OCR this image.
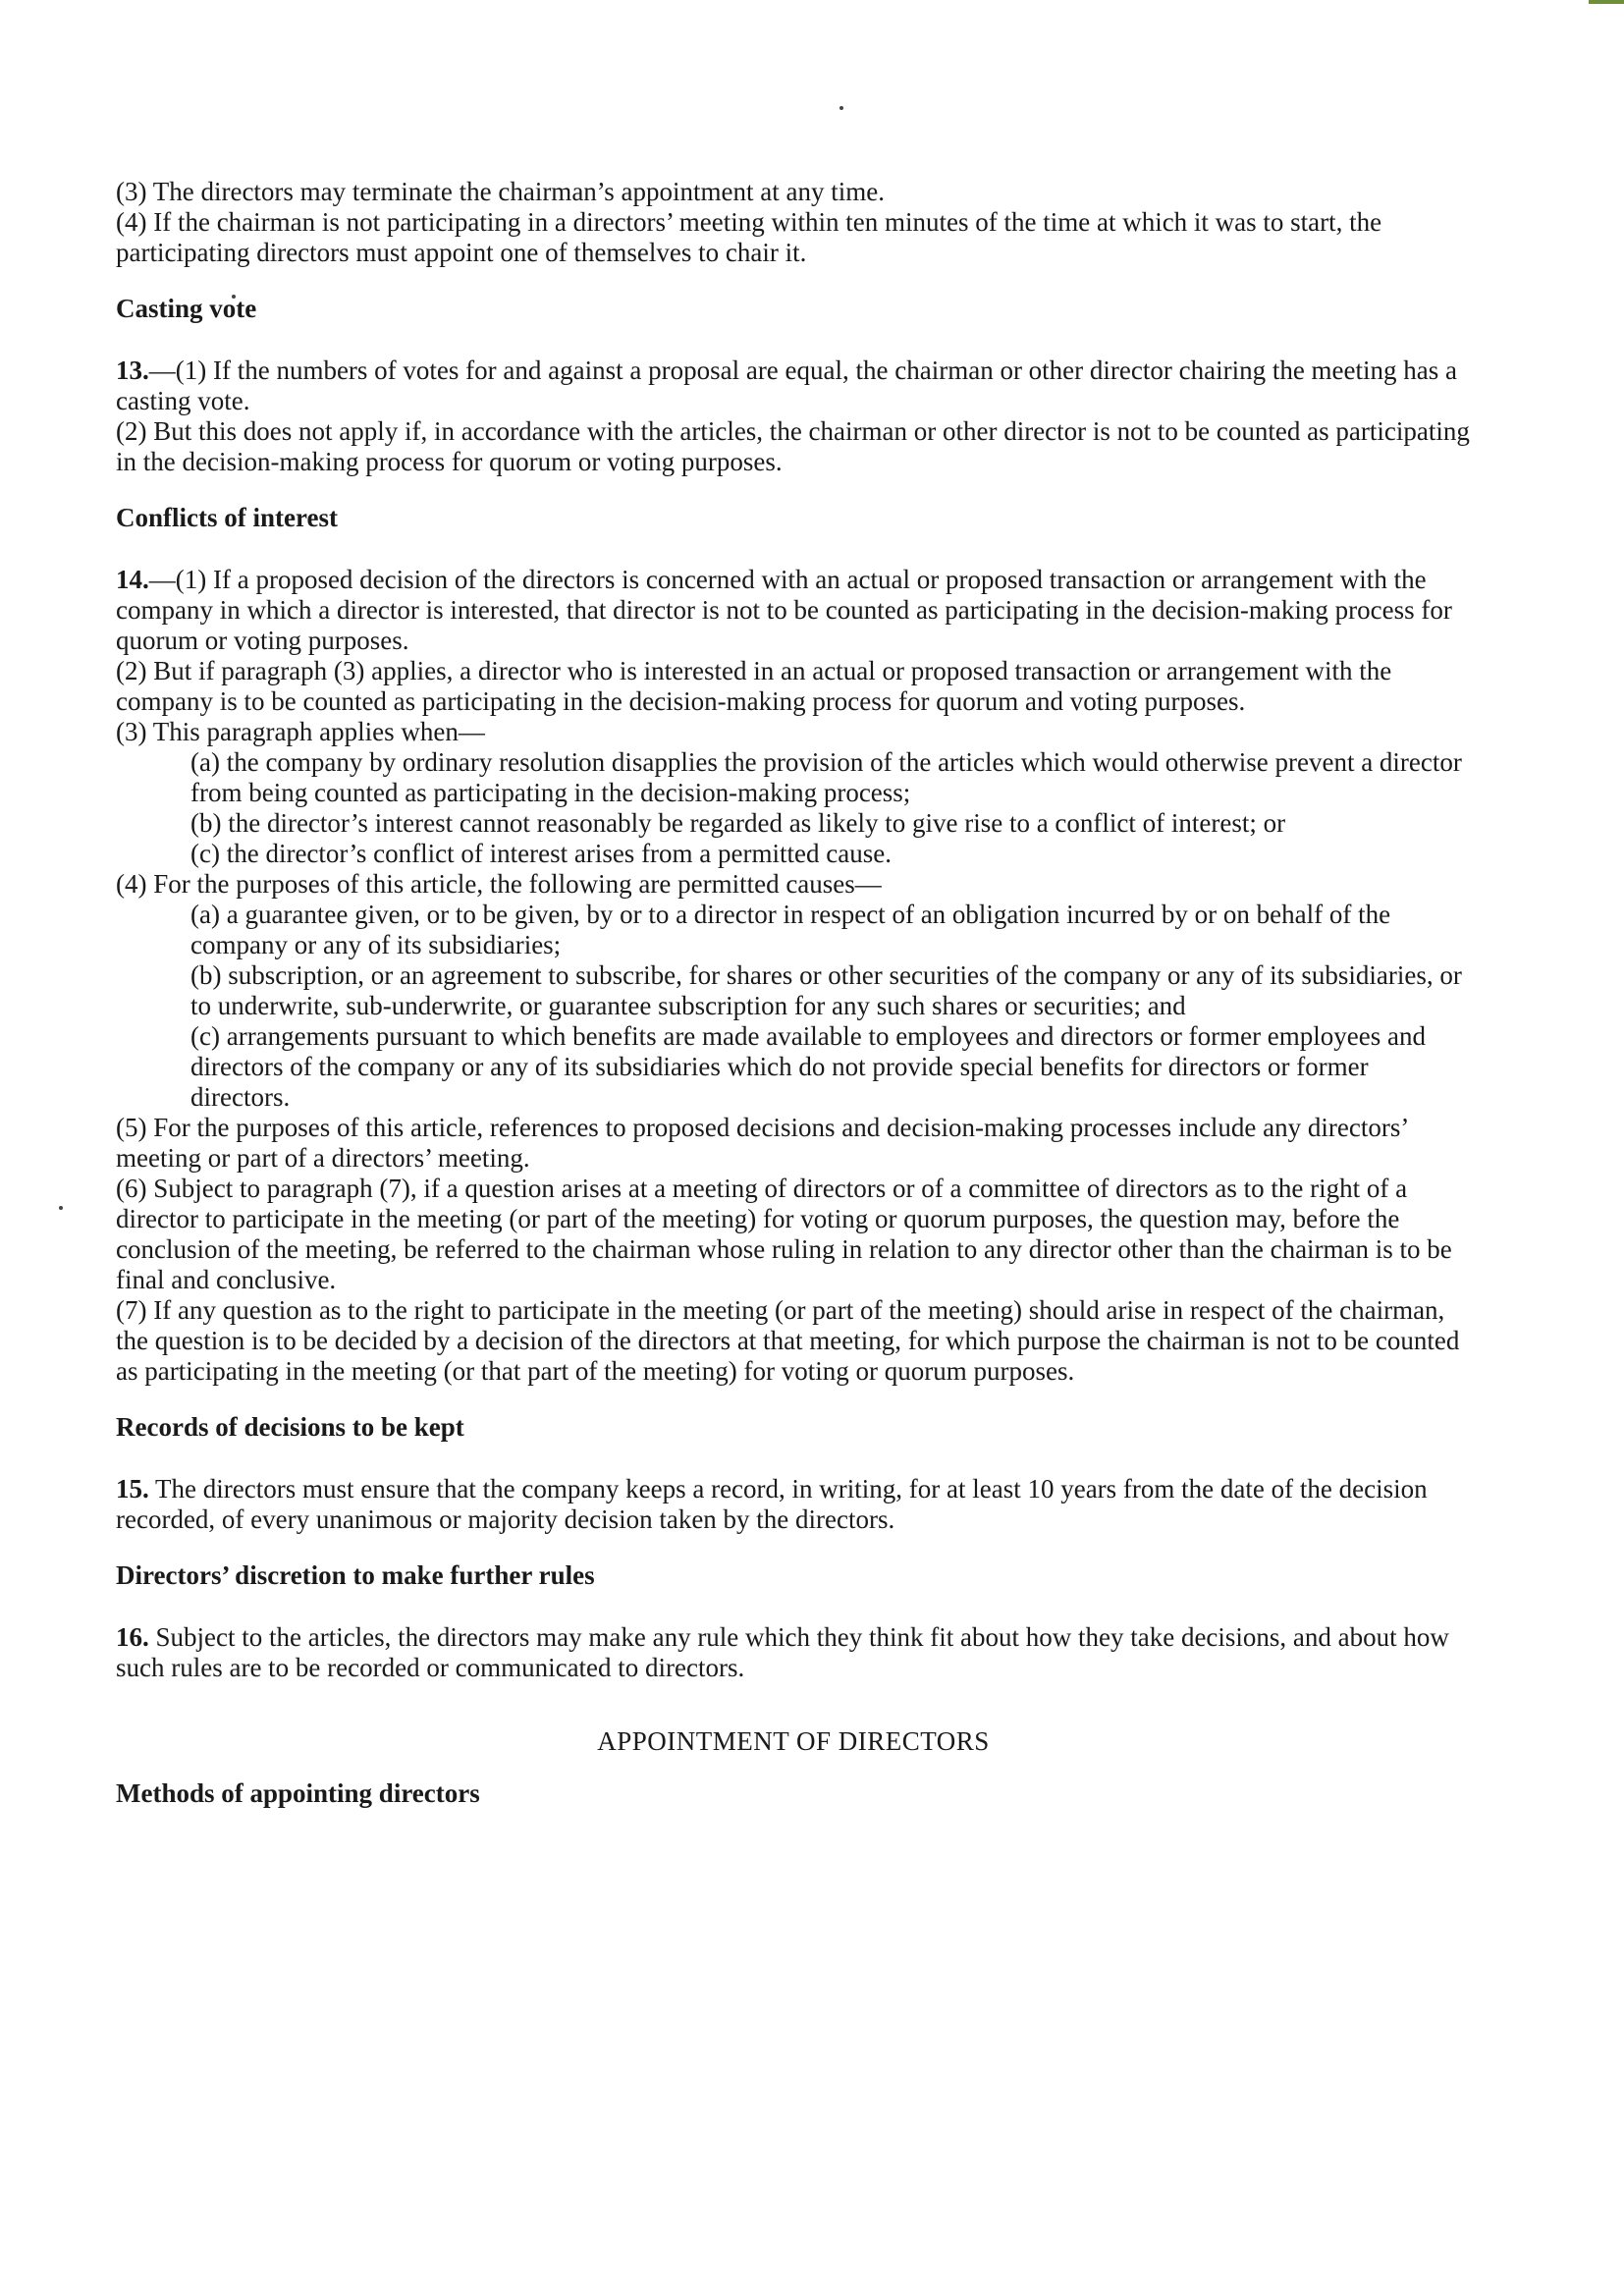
(3) The directors may terminate the chairman’s appointment at any time.

(4) If the chairman is not participating in a directors’ meeting within ten minutes of the time at which it was to start, the participating directors must appoint one of themselves to chair it.

Casting vote

13.—(1) If the numbers of votes for and against a proposal are equal, the chairman or other director chairing the meeting has a casting vote.

(2) But this does not apply if, in accordance with the articles, the chairman or other director is not to be counted as participating in the decision-making process for quorum or voting purposes.

Conflicts of interest

14.—(1) If a proposed decision of the directors is concerned with an actual or proposed transaction or arrangement with the company in which a director is interested, that director is not to be counted as participating in the decision-making process for quorum or voting purposes.

(2) But if paragraph (3) applies, a director who is interested in an actual or proposed transaction or arrangement with the company is to be counted as participating in the decision-making process for quorum and voting purposes.

(3) This paragraph applies when—

(a) the company by ordinary resolution disapplies the provision of the articles which would otherwise prevent a director from being counted as participating in the decision-making process;

(b) the director’s interest cannot reasonably be regarded as likely to give rise to a conflict of interest; or

(c) the director’s conflict of interest arises from a permitted cause.

(4) For the purposes of this article, the following are permitted causes—

(a) a guarantee given, or to be given, by or to a director in respect of an obligation incurred by or on behalf of the company or any of its subsidiaries;

(b) subscription, or an agreement to subscribe, for shares or other securities of the company or any of its subsidiaries, or to underwrite, sub-underwrite, or guarantee subscription for any such shares or securities; and

(c) arrangements pursuant to which benefits are made available to employees and directors or former employees and directors of the company or any of its subsidiaries which do not provide special benefits for directors or former directors.

(5) For the purposes of this article, references to proposed decisions and decision-making processes include any directors’ meeting or part of a directors’ meeting.

(6) Subject to paragraph (7), if a question arises at a meeting of directors or of a committee of directors as to the right of a director to participate in the meeting (or part of the meeting) for voting or quorum purposes, the question may, before the conclusion of the meeting, be referred to the chairman whose ruling in relation to any director other than the chairman is to be final and conclusive.

(7) If any question as to the right to participate in the meeting (or part of the meeting) should arise in respect of the chairman, the question is to be decided by a decision of the directors at that meeting, for which purpose the chairman is not to be counted as participating in the meeting (or that part of the meeting) for voting or quorum purposes.

Records of decisions to be kept

15. The directors must ensure that the company keeps a record, in writing, for at least 10 years from the date of the decision recorded, of every unanimous or majority decision taken by the directors.

Directors’ discretion to make further rules

16. Subject to the articles, the directors may make any rule which they think fit about how they take decisions, and about how such rules are to be recorded or communicated to directors.

APPOINTMENT OF DIRECTORS

Methods of appointing directors
